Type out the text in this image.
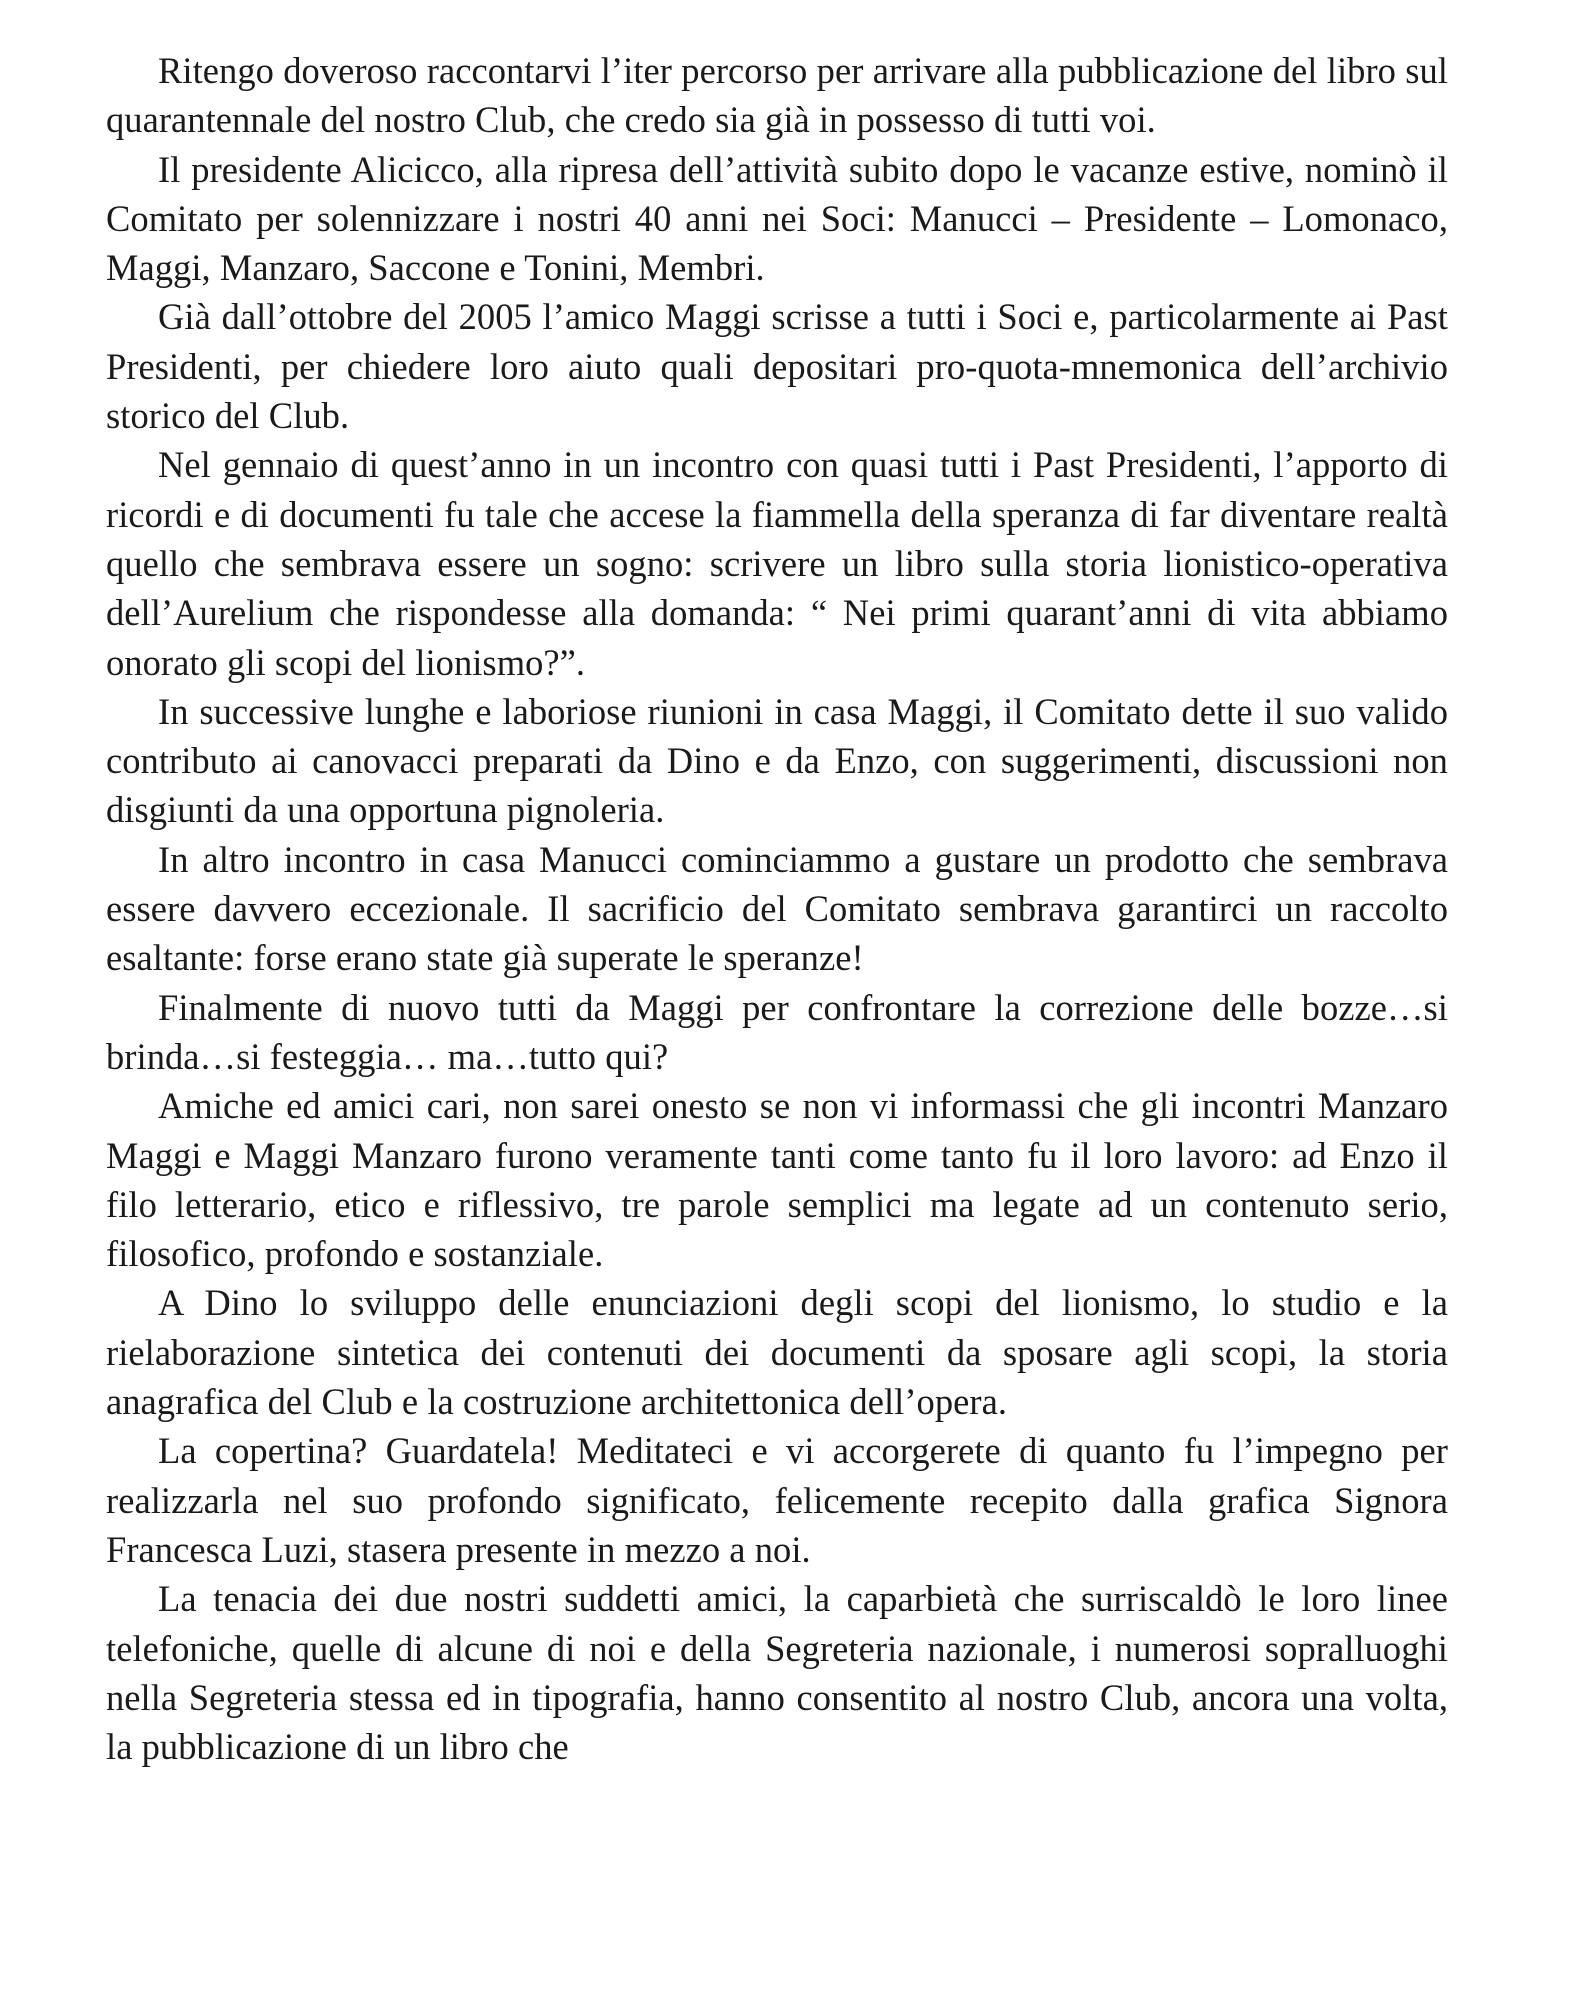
Ritengo doveroso raccontarvi l’iter percorso per arrivare alla pubblicazione del libro sul quarantennale del nostro Club, che credo sia già in possesso di tutti voi.

Il presidente Alicicco, alla ripresa dell’attività subito dopo le vacanze estive, nominò il Comitato per solennizzare i nostri 40 anni nei Soci: Manucci – Presidente – Lomonaco, Maggi, Manzaro, Saccone e Tonini, Membri.

Già dall’ottobre del 2005 l’amico Maggi scrisse a tutti i Soci e, particolarmente ai Past Presidenti, per chiedere loro aiuto quali depositari pro-quota-mnemonica dell’archivio storico del Club.

Nel gennaio di quest’anno in un incontro con quasi tutti i Past Presidenti, l’apporto di ricordi e di documenti fu tale che accese la fiammella della speranza di far diventare realtà quello che sembrava essere un sogno: scrivere un libro sulla storia lionistico-operativa dell’Aurelium che rispondesse alla domanda: “ Nei primi quarant’anni di vita abbiamo onorato gli scopi del lionismo?”.

In successive lunghe e laboriose riunioni in casa Maggi, il Comitato dette il suo valido contributo ai canovacci preparati da Dino e da Enzo, con suggerimenti, discussioni non disgiunti da una opportuna pignoleria.

In altro incontro in casa Manucci cominciammo a gustare un prodotto che sembrava essere davvero eccezionale. Il sacrificio del Comitato sembrava garantirci un raccolto esaltante: forse erano state già superate le speranze!

Finalmente di nuovo tutti da Maggi per confrontare la correzione delle bozze…si brinda…si festeggia… ma…tutto qui?

Amiche ed amici cari, non sarei onesto se non vi informassi che gli incontri Manzaro Maggi e Maggi Manzaro furono veramente tanti come tanto fu il loro lavoro: ad Enzo il filo letterario, etico e riflessivo, tre parole semplici ma legate ad un contenuto serio, filosofico, profondo e sostanziale.

A Dino lo sviluppo delle enunciazioni degli scopi del lionismo, lo studio e la rielaborazione sintetica dei contenuti dei documenti da sposare agli scopi, la storia anagrafica del Club e la costruzione architettonica dell’opera.

La copertina? Guardatela! Meditateci e vi accorgerete di quanto fu l’impegno per realizzarla nel suo profondo significato, felicemente recepito dalla grafica Signora Francesca Luzi, stasera presente in mezzo a noi.

La tenacia dei due nostri suddetti amici, la caparbietà che surriscaldò le loro linee telefoniche, quelle di alcune di noi e della Segreteria nazionale, i numerosi sopralluoghi nella Segreteria stessa ed in tipografia, hanno consentito al nostro Club, ancora una volta, la pubblicazione di un libro che
